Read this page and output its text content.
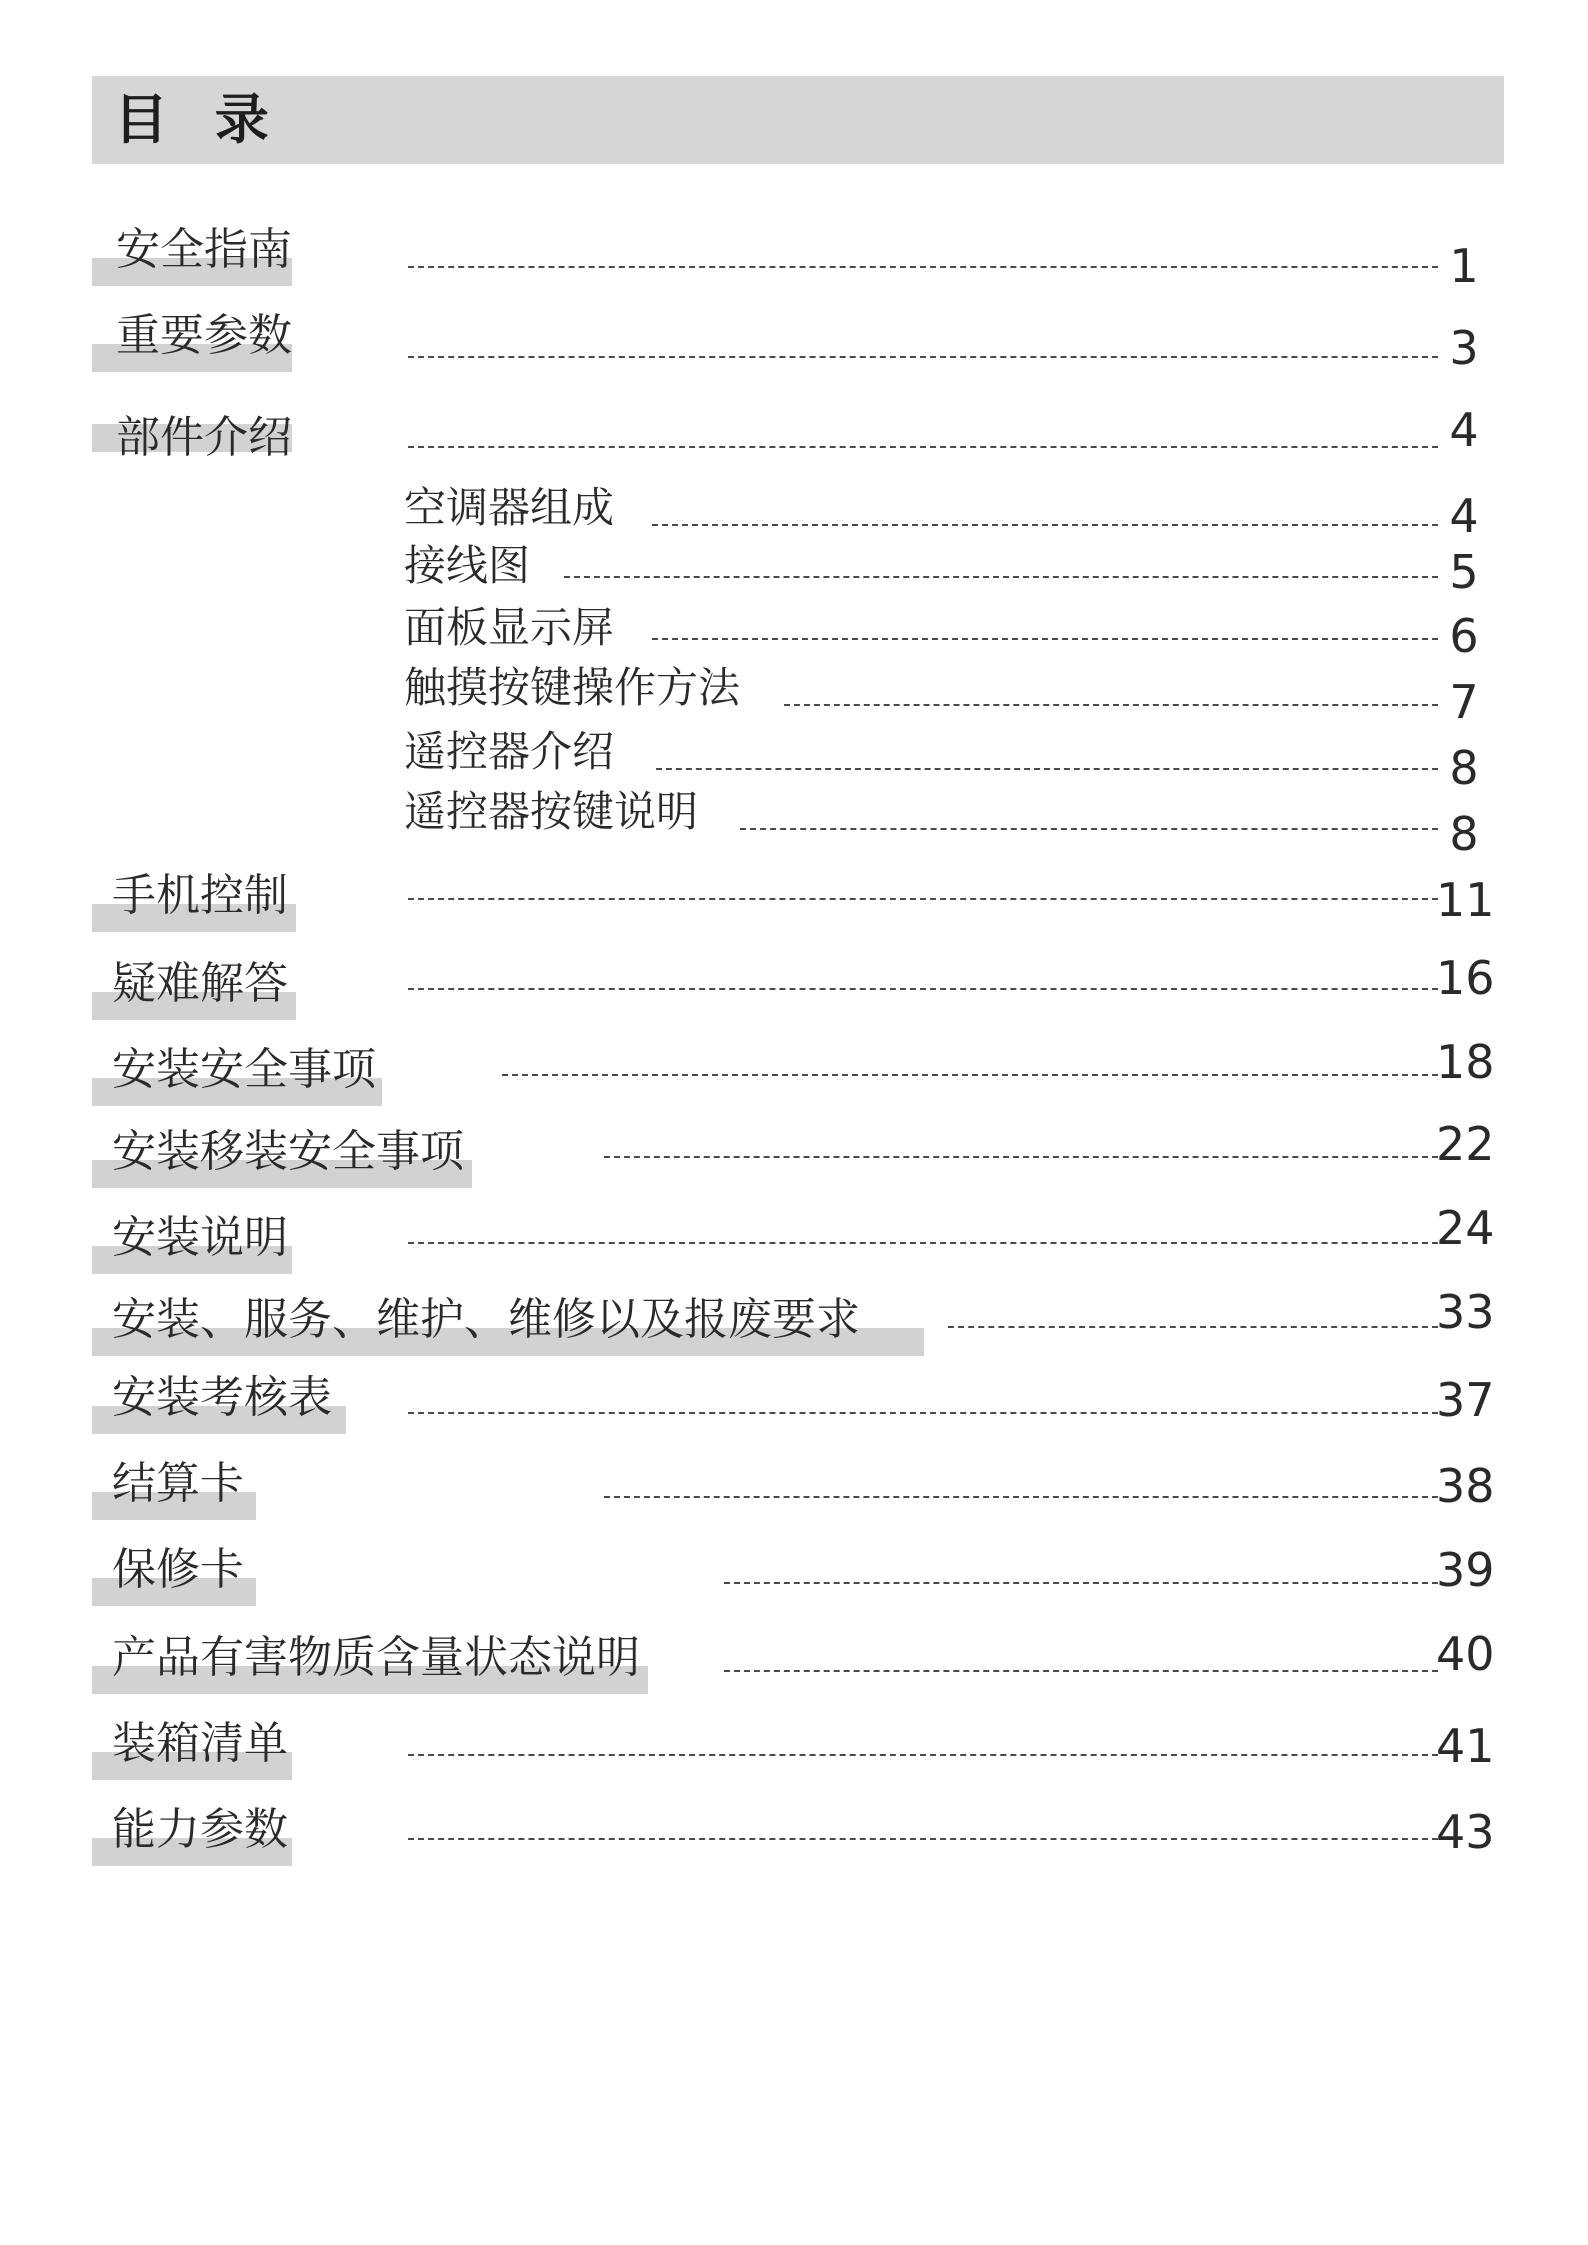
目 录
安全指南	1
重要参数	3
部件介绍	4
空调器组成	4
接线图	5
面板显示屏	6
触摸按键操作方法	7
遥控器介绍	8
遥控器按键说明	8
手机控制	11
疑难解答	16
安装安全事项	18
安装移装安全事项	22
安装说明	24
安装、服务、维护、维修以及报废要求	33
安装考核表	37
结算卡	38
保修卡	39
产品有害物质含量状态说明	40
装箱清单	41
能力参数	43
